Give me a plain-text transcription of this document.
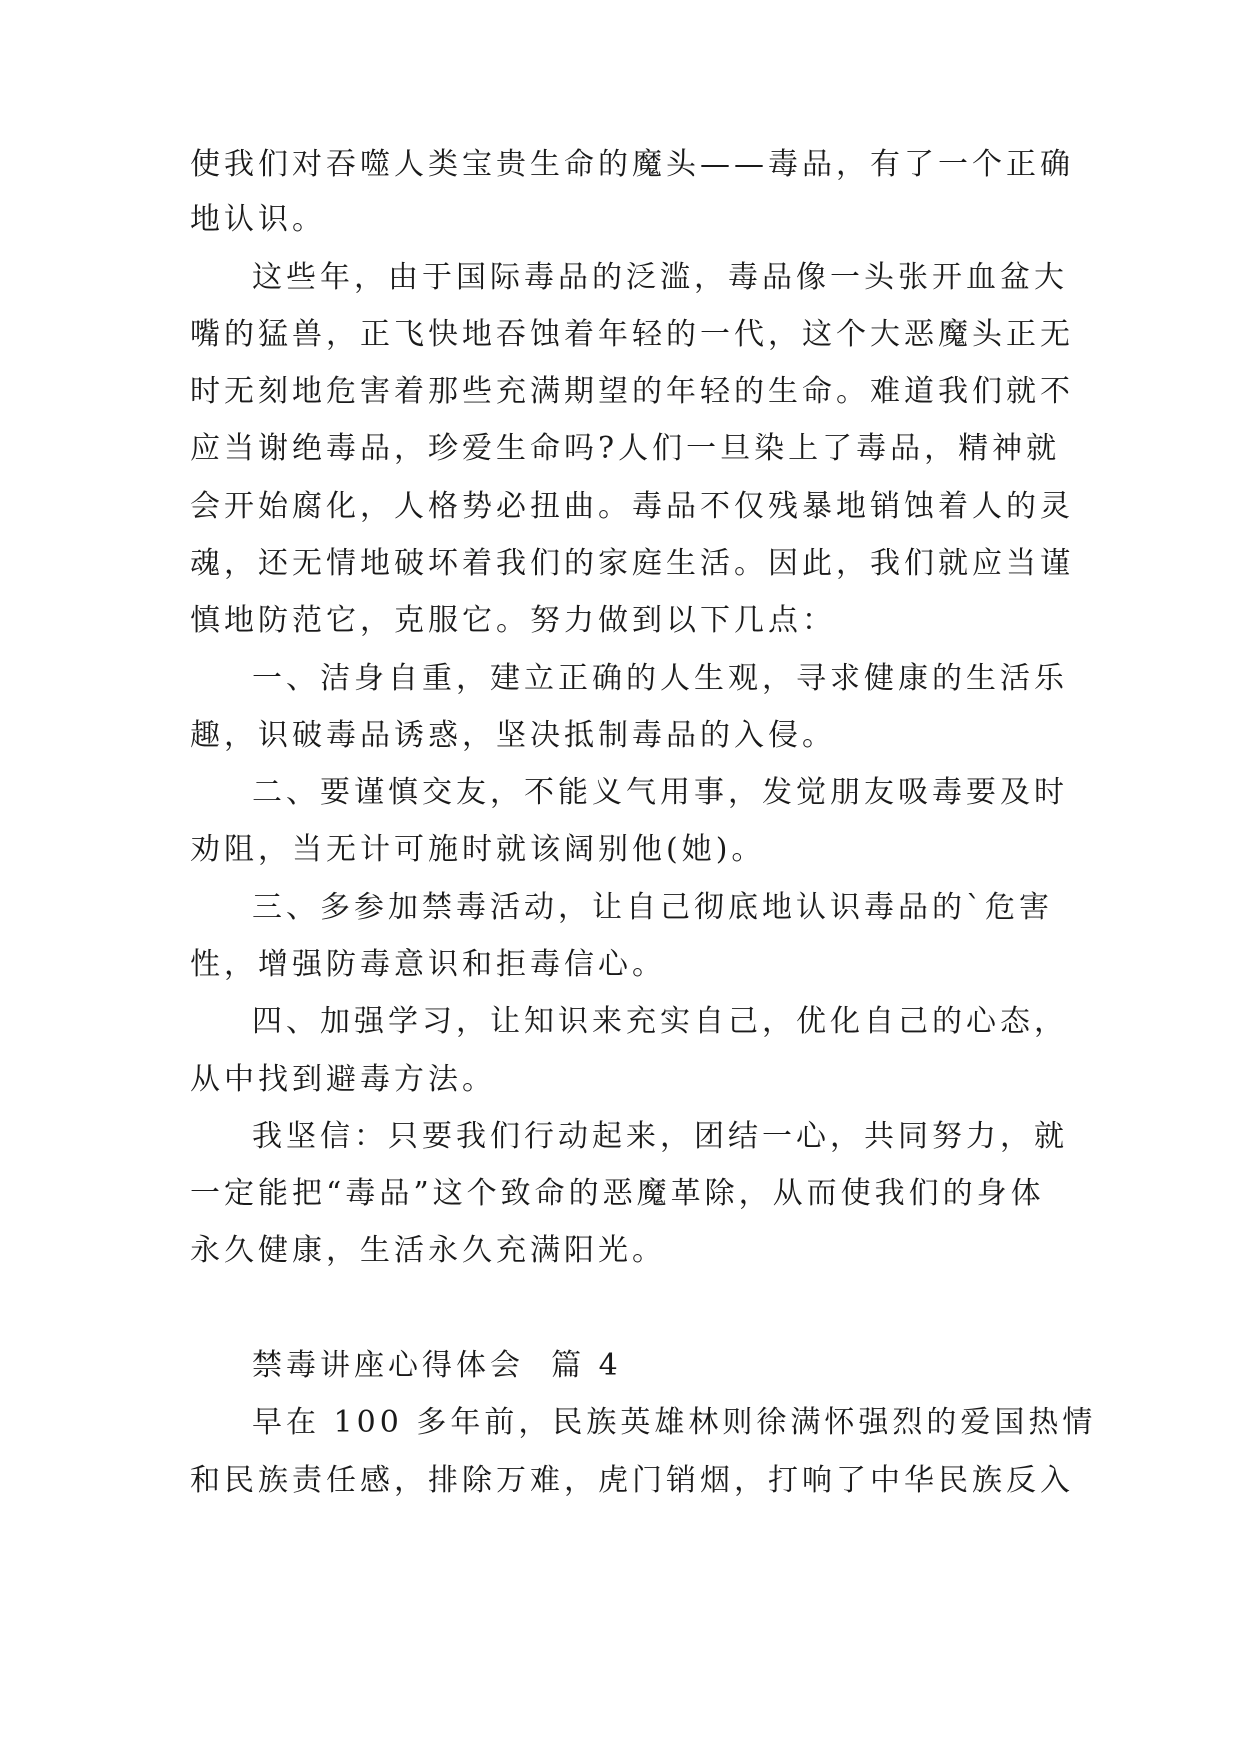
使我们对吞噬人类宝贵生命的魔头——毒品，有了一个正确
地认识。
这些年，由于国际毒品的泛滥，毒品像一头张开血盆大
嘴的猛兽，正飞快地吞蚀着年轻的一代，这个大恶魔头正无
时无刻地危害着那些充满期望的年轻的生命。难道我们就不
应当谢绝毒品，珍爱生命吗?人们一旦染上了毒品，精神就
会开始腐化，人格势必扭曲。毒品不仅残暴地销蚀着人的灵
魂，还无情地破坏着我们的家庭生活。因此，我们就应当谨
慎地防范它，克服它。努力做到以下几点：
一、洁身自重，建立正确的人生观，寻求健康的生活乐
趣，识破毒品诱惑，坚决抵制毒品的入侵。
二、要谨慎交友，不能义气用事，发觉朋友吸毒要及时
劝阻，当无计可施时就该阔别他(她)。
三、多参加禁毒活动，让自己彻底地认识毒品的`危害
性，增强防毒意识和拒毒信心。
四、加强学习，让知识来充实自己，优化自己的心态，
从中找到避毒方法。
我坚信：只要我们行动起来，团结一心，共同努力，就
一定能把“毒品”这个致命的恶魔革除，从而使我们的身体
永久健康，生活永久充满阳光。
禁毒讲座心得体会  篇 4
早在 100 多年前，民族英雄林则徐满怀强烈的爱国热情
和民族责任感，排除万难，虎门销烟，打响了中华民族反入
